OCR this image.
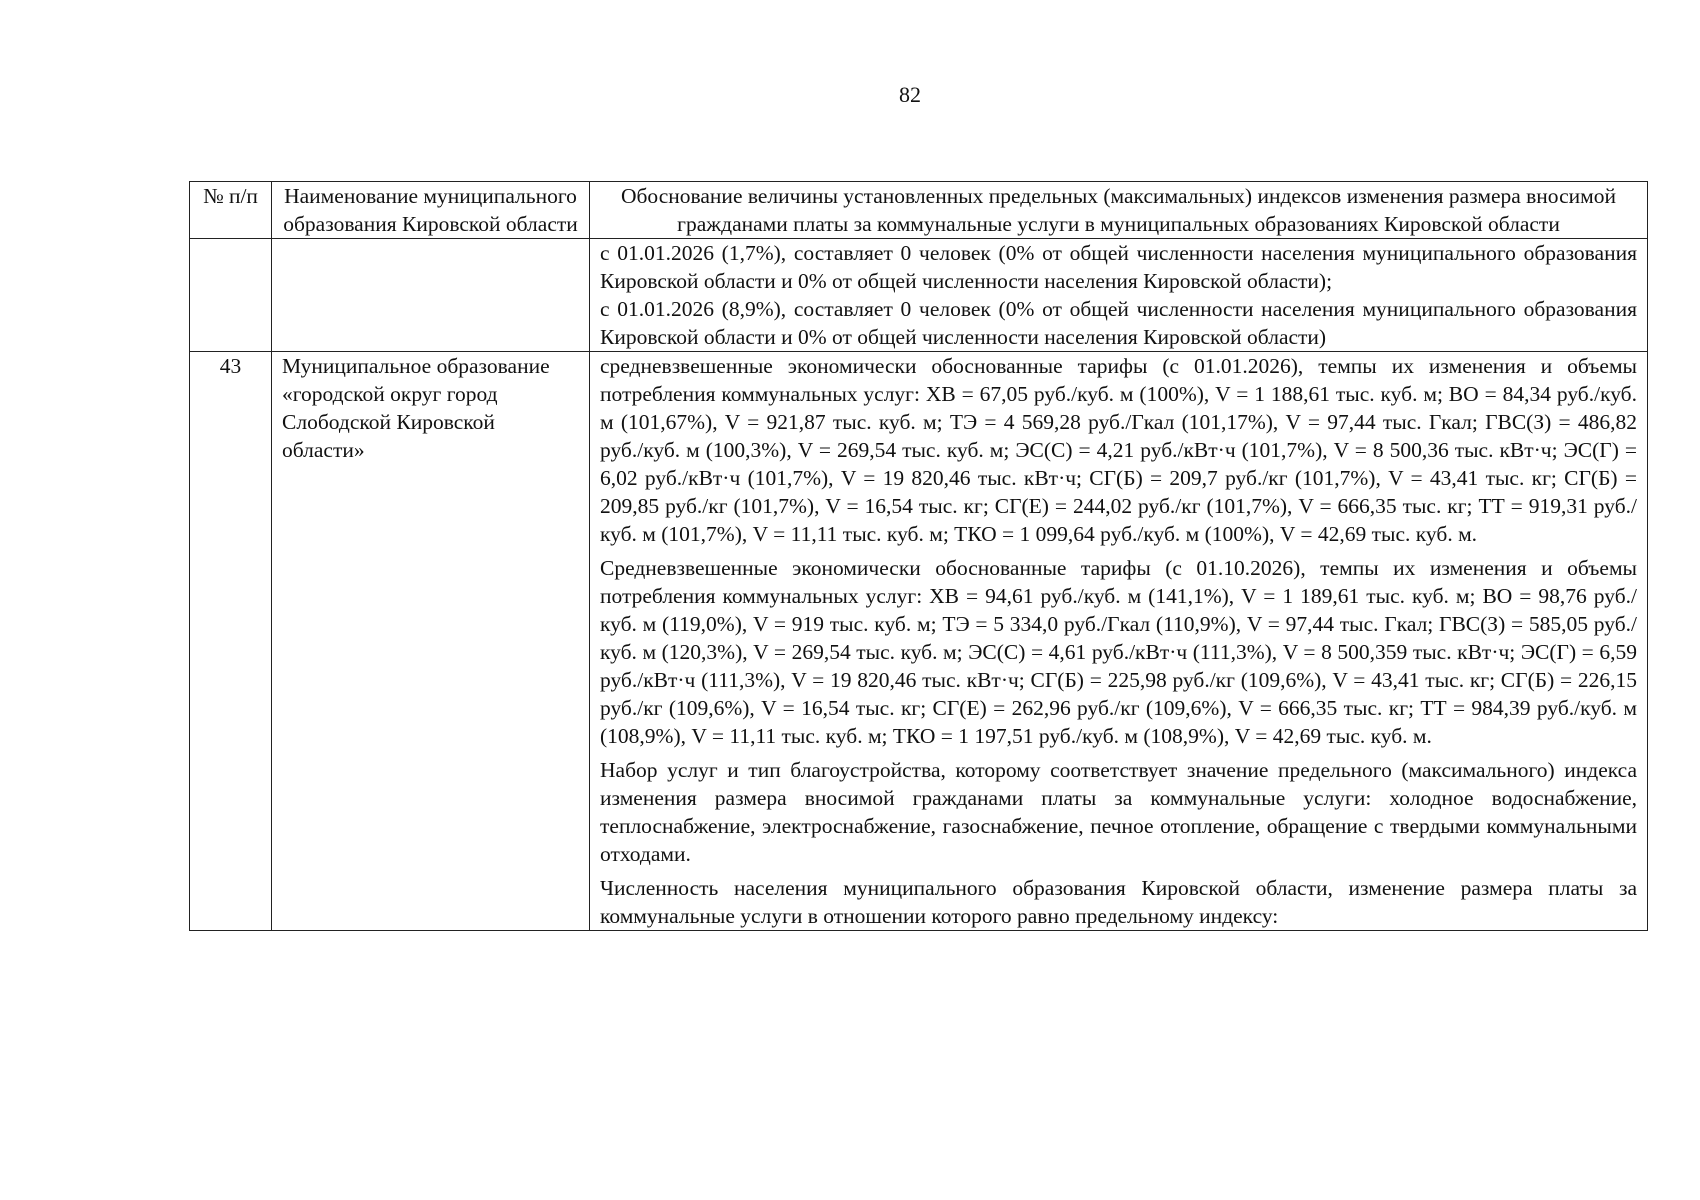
82
№ п/п	Наименование муниципального образования Кировской области	Обоснование величины установленных предельных (максимальных) индексов изменения размера вносимой гражданами платы за коммунальные услуги в муниципальных образованиях Кировской области

		с 01.01.2026 (1,7%), составляет 0 человек (0% от общей численности населения муниципального образования Кировской области и 0% от общей численности населения Кировской области);

с 01.01.2026 (8,9%), составляет 0 человек (0% от общей численности населения муниципального образования Кировской области и 0% от общей численности населения Кировской области)

43	Муниципальное образование «городской округ город Слободской Кировской области»	средневзвешенные экономически обоснованные тарифы (с 01.01.2026), темпы их изменения и объемы потребления коммунальных услуг: ХВ = 67,05 руб./куб. м (100%), V = 1 188,61 тыс. куб. м; ВО = 84,34 руб./куб. м (101,67%), V = 921,87 тыс. куб. м; ТЭ = 4 569,28 руб./Гкал (101,17%), V = 97,44 тыс. Гкал; ГВС(З) = 486,82 руб./куб. м (100,3%), V = 269,54 тыс. куб. м; ЭС(С) = 4,21 руб./кВт·ч (101,7%), V = 8 500,36 тыс. кВт·ч; ЭС(Г) = 6,02 руб./кВт·ч (101,7%), V = 19 820,46 тыс. кВт·ч; СГ(Б) = 209,7 руб./кг (101,7%), V = 43,41 тыс. кг; СГ(Б) = 209,85 руб./кг (101,7%), V = 16,54 тыс. кг; СГ(Е) = 244,02 руб./кг (101,7%), V = 666,35 тыс. кг; ТТ = 919,31 руб./куб. м (101,7%), V = 11,11 тыс. куб. м; ТКО = 1 099,64 руб./куб. м (100%), V = 42,69 тыс. куб. м.

Средневзвешенные экономически обоснованные тарифы (с 01.10.2026), темпы их изменения и объемы потребления коммунальных услуг: ХВ = 94,61 руб./куб. м (141,1%), V = 1 189,61 тыс. куб. м; ВО = 98,76 руб./куб. м (119,0%), V = 919 тыс. куб. м; ТЭ = 5 334,0 руб./Гкал (110,9%), V = 97,44 тыс. Гкал; ГВС(З) = 585,05 руб./куб. м (120,3%), V = 269,54 тыс. куб. м; ЭС(С) = 4,61 руб./кВт·ч (111,3%), V = 8 500,359 тыс. кВт·ч; ЭС(Г) = 6,59 руб./кВт·ч (111,3%), V = 19 820,46 тыс. кВт·ч; СГ(Б) = 225,98 руб./кг (109,6%), V = 43,41 тыс. кг; СГ(Б) = 226,15 руб./кг (109,6%), V = 16,54 тыс. кг; СГ(Е) = 262,96 руб./кг (109,6%), V = 666,35 тыс. кг; ТТ = 984,39 руб./куб. м (108,9%), V = 11,11 тыс. куб. м; ТКО = 1 197,51 руб./куб. м (108,9%), V = 42,69 тыс. куб. м.

Набор услуг и тип благоустройства, которому соответствует значение предельного (максимального) индекса изменения размера вносимой гражданами платы за коммунальные услуги: холодное водоснабжение, теплоснабжение, электроснабжение, газоснабжение, печное отопление, обращение с твердыми коммунальными отходами.

Численность населения муниципального образования Кировской области, изменение размера платы за коммунальные услуги в отношении которого равно предельному индексу:
